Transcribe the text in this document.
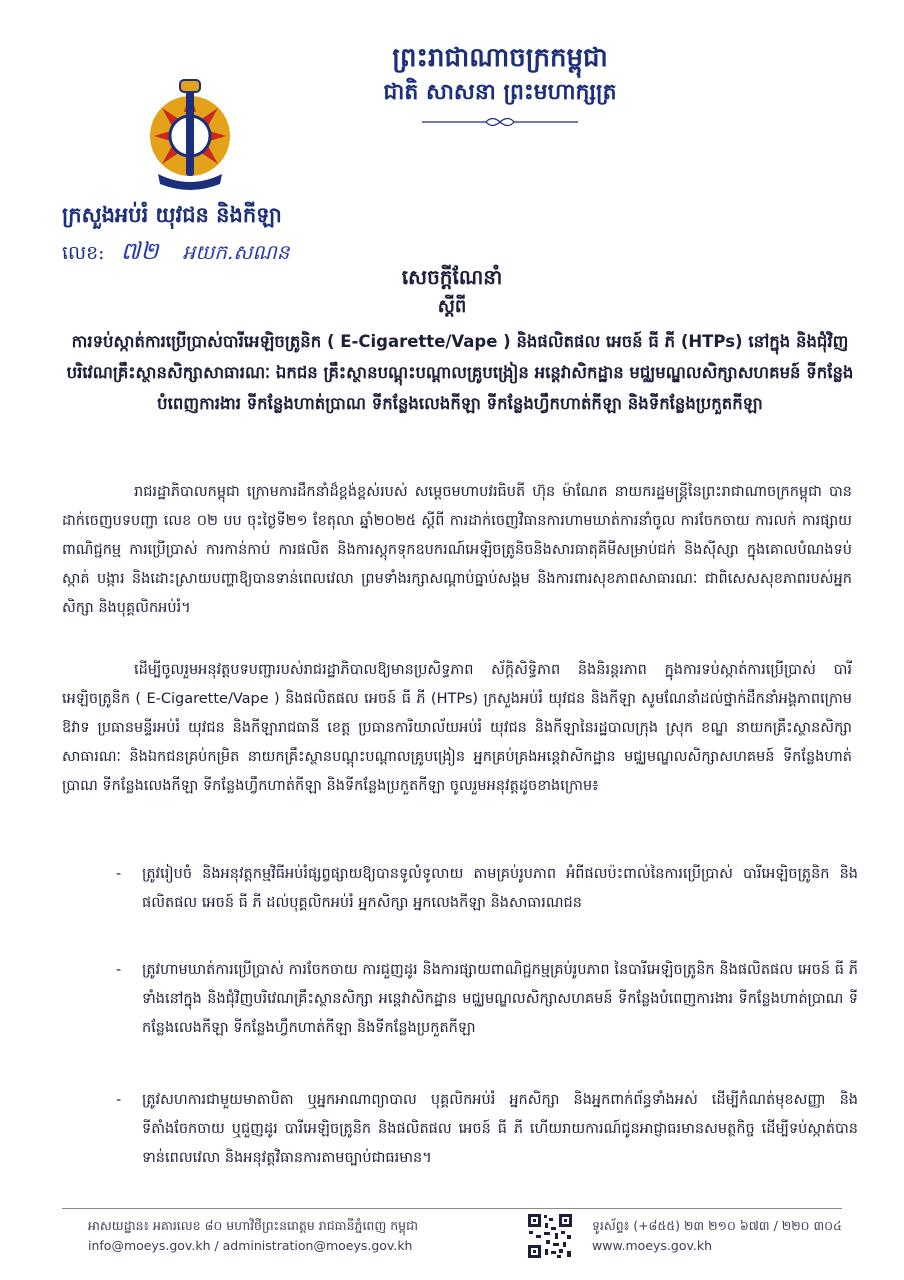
ព្រះរាជាណាចក្រកម្ពុជា
ជាតិ សាសនា ព្រះមហាក្សត្រ
ក្រសួងអប់រំ យុវជន និងកីឡា
លេខ: ៧២ អយក.សណន
សេចក្តីណែនាំ
ស្តីពី
ការទប់ស្កាត់ការប្រើប្រាស់បារីអេឡិចត្រូនិក ( E-Cigarette/Vape ) និងផលិតផល អេចន៍ ធី ភី (HTPs) នៅក្នុង និងជុំវិញបរិវេណគ្រឹះស្ថានសិក្សាសាធារណៈ ឯកជន គ្រឹះស្ថានបណ្តុះបណ្តាលគ្រូបង្រៀន អន្តេវាសិកដ្ឋាន មជ្ឈមណ្ឌលសិក្សាសហគមន៍ ទីកន្លែងបំពេញការងារ ទីកន្លែងហាត់ប្រាណ ទីកន្លែងលេងកីឡា ទីកន្លែងហ្វឹកហាត់កីឡា និងទីកន្លែងប្រកួតកីឡា
រាជរដ្ឋាភិបាលកម្ពុជា ក្រោមការដឹកនាំដ៏ខ្ពង់ខ្ពស់របស់ សម្តេចមហាបវរធិបតី ហ៊ុន ម៉ាណែត នាយករដ្ឋមន្ត្រីនៃព្រះរាជាណាចក្រកម្ពុជា បានដាក់ចេញបទបញ្ជា លេខ ០២ បប ចុះថ្ងៃទី២១ ខែតុលា ឆ្នាំ២០២៥ ស្តីពី ការដាក់ចេញវិធានការហាមឃាត់ការនាំចូល ការចែកចាយ ការលក់ ការផ្សាយពាណិជ្ជកម្ម ការប្រើប្រាស់ ការកាន់កាប់ ការផលិត និងការស្តុកទុកឧបករណ៍អេឡិចត្រូនិចនិងសារធាតុគីមីសម្រាប់ជក់ និងស៊ីស្សា ក្នុងគោលបំណងទប់ស្កាត់ បង្ការ និងដោះស្រាយបញ្ហាឱ្យបានទាន់ពេលវេលា ព្រមទាំងរក្សាសណ្តាប់ធ្នាប់សង្គម និងការពារសុខភាពសាធារណៈ ជាពិសេសសុខភាពរបស់អ្នកសិក្សា និងបុគ្គលិកអប់រំ។
ដើម្បីចូលរួមអនុវត្តបទបញ្ជារបស់រាជរដ្ឋាភិបាលឱ្យមានប្រសិទ្ធភាព ស័ក្តិសិទ្ធិភាព និងនិរន្តរភាព ក្នុងការទប់ស្កាត់ការប្រើប្រាស់ បារីអេឡិចត្រូនិក ( E-Cigarette/Vape ) និងផលិតផល អេចន៍ ធី ភី (HTPs) ក្រសួងអប់រំ យុវជន និងកីឡា សូមណែនាំដល់ថ្នាក់ដឹកនាំអង្គភាពក្រោមឱវាទ ប្រធានមន្ទីរអប់រំ យុវជន និងកីឡារាជធានី ខេត្ត ប្រធានការិយាល័យអប់រំ យុវជន និងកីឡានៃរដ្ឋបាលក្រុង ស្រុក ខណ្ឌ នាយកគ្រឹះស្ថានសិក្សាសាធារណៈ និងឯកជនគ្រប់កម្រិត នាយកគ្រឹះស្ថានបណ្តុះបណ្តាលគ្រូបង្រៀន អ្នកគ្រប់គ្រងអន្តេវាសិកដ្ឋាន មជ្ឈមណ្ឌលសិក្សាសហគមន៍ ទីកន្លែងហាត់ប្រាណ ទីកន្លែងលេងកីឡា ទីកន្លែងហ្វឹកហាត់កីឡា និងទីកន្លែងប្រកួតកីឡា ចូលរួមអនុវត្តដូចខាងក្រោម៖
- ត្រូវរៀបចំ និងអនុវត្តកម្មវិធីអប់រំផ្សព្វផ្សាយឱ្យបានទូលំទូលាយ តាមគ្រប់រូបភាព អំពីផលប៉ះពាល់នៃការប្រើប្រាស់ បារីអេឡិចត្រូនិក និងផលិតផល អេចន៍ ធី ភី ដល់បុគ្គលិកអប់រំ អ្នកសិក្សា អ្នកលេងកីឡា និងសាធារណជន
- ត្រូវហាមឃាត់ការប្រើប្រាស់ ការចែកចាយ ការជួញដូរ និងការផ្សាយពាណិជ្ជកម្មគ្រប់រូបភាព នៃបារីអេឡិចត្រូនិក និងផលិតផល អេចន៍ ធី ភី ទាំងនៅក្នុង និងជុំវិញបរិវេណគ្រឹះស្ថានសិក្សា អន្តេវាសិកដ្ឋាន មជ្ឈមណ្ឌលសិក្សាសហគមន៍ ទីកន្លែងបំពេញការងារ ទីកន្លែងហាត់ប្រាណ ទីកន្លែងលេងកីឡា ទីកន្លែងហ្វឹកហាត់កីឡា និងទីកន្លែងប្រកួតកីឡា
- ត្រូវសហការជាមួយមាតាបិតា ឬអ្នកអាណាព្យាបាល បុគ្គលិកអប់រំ អ្នកសិក្សា និងអ្នកពាក់ព័ន្ធទាំងអស់ ដើម្បីកំណត់មុខសញ្ញា និងទីតាំងចែកចាយ ឬជួញដូរ បារីអេឡិចត្រូនិក និងផលិតផល អេចន៍ ធី ភី ហើយរាយការណ៍ជូនអាជ្ញាធរមានសមត្ថកិច្ច ដើម្បីទប់ស្កាត់បានទាន់ពេលវេលា និងអនុវត្តវិធានការតាមច្បាប់ជាធរមាន។
អាសយដ្ឋាន៖ អគារលេខ ៨០ មហាវិថីព្រះនរោត្តម រាជធានីភ្នំពេញ កម្ពុជា
info@moeys.gov.kh / administration@moeys.gov.kh
ទូរស័ព្ទ៖ (+៨៥៥) ២៣ ២១០ ៦៧៣ / ២២០ ៣០៤
www.moeys.gov.kh
